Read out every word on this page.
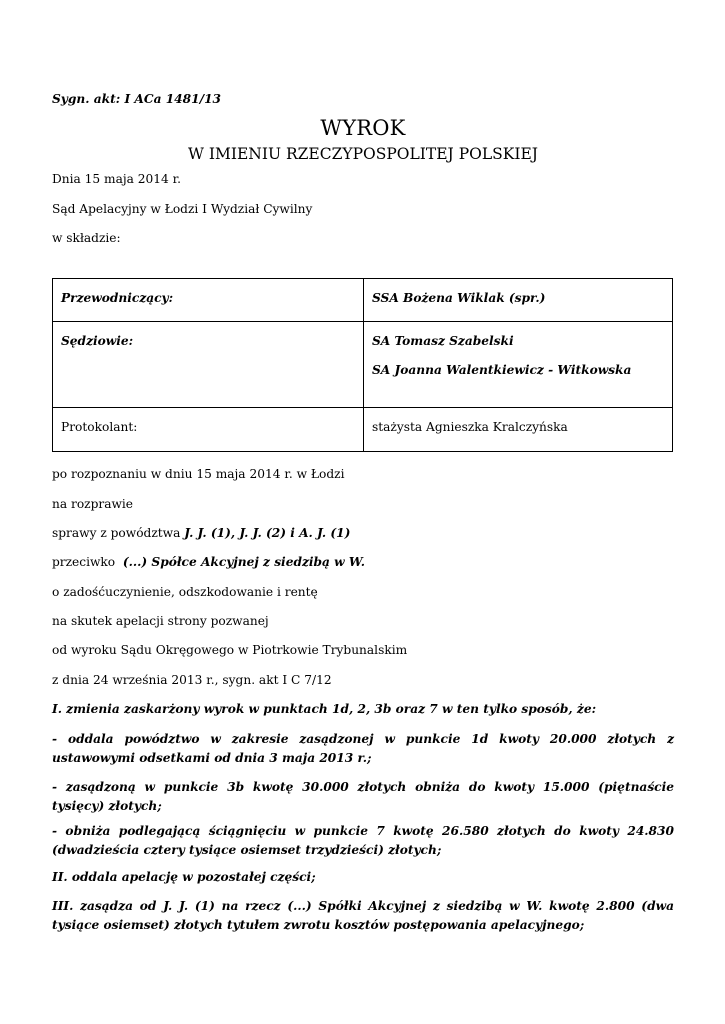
Sygn. akt: I ACa 1481/13
WYROK
W IMIENIU RZECZYPOSPOLITEJ POLSKIEJ
Dnia 15 maja 2014 r.
Sąd Apelacyjny w Łodzi I Wydział Cywilny
w składzie:
Przewodniczący:	SSA Bożena Wiklak (spr.)
Sędziowie:	SA Tomasz Szabelski
SA Joanna Walentkiewicz - Witkowska

Protokolant:	stażysta Agnieszka Kralczyńska
po rozpoznaniu w dniu 15 maja 2014 r. w Łodzi
na rozprawie
sprawy z powództwa J. J. (1), J. J. (2) i A. J. (1)
przeciwko  (...) Spółce Akcyjnej z siedzibą w W.
o zadośćuczynienie, odszkodowanie i rentę
na skutek apelacji strony pozwanej
od wyroku Sądu Okręgowego w Piotrkowie Trybunalskim
z dnia 24 września 2013 r., sygn. akt I C 7/12
I. zmienia zaskarżony wyrok w punktach 1d, 2, 3b oraz 7 w ten tylko sposób, że:
- oddala powództwo w zakresie zasądzonej w punkcie 1d kwoty 20.000 złotych z ustawowymi odsetkami od dnia 3 maja 2013 r.;
- zasądzoną w punkcie 3b kwotę 30.000 złotych obniża do kwoty 15.000 (piętnaście tysięcy) złotych;
- obniża podlegającą ściągnięciu w punkcie 7 kwotę 26.580 złotych do kwoty 24.830 (dwadzieścia cztery tysiące osiemset trzydzieści) złotych;
II. oddala apelację w pozostałej części;
III. zasądza od J. J. (1) na rzecz (...) Spółki Akcyjnej z siedzibą w W. kwotę 2.800 (dwa tysiące osiemset) złotych tytułem zwrotu kosztów postępowania apelacyjnego;
